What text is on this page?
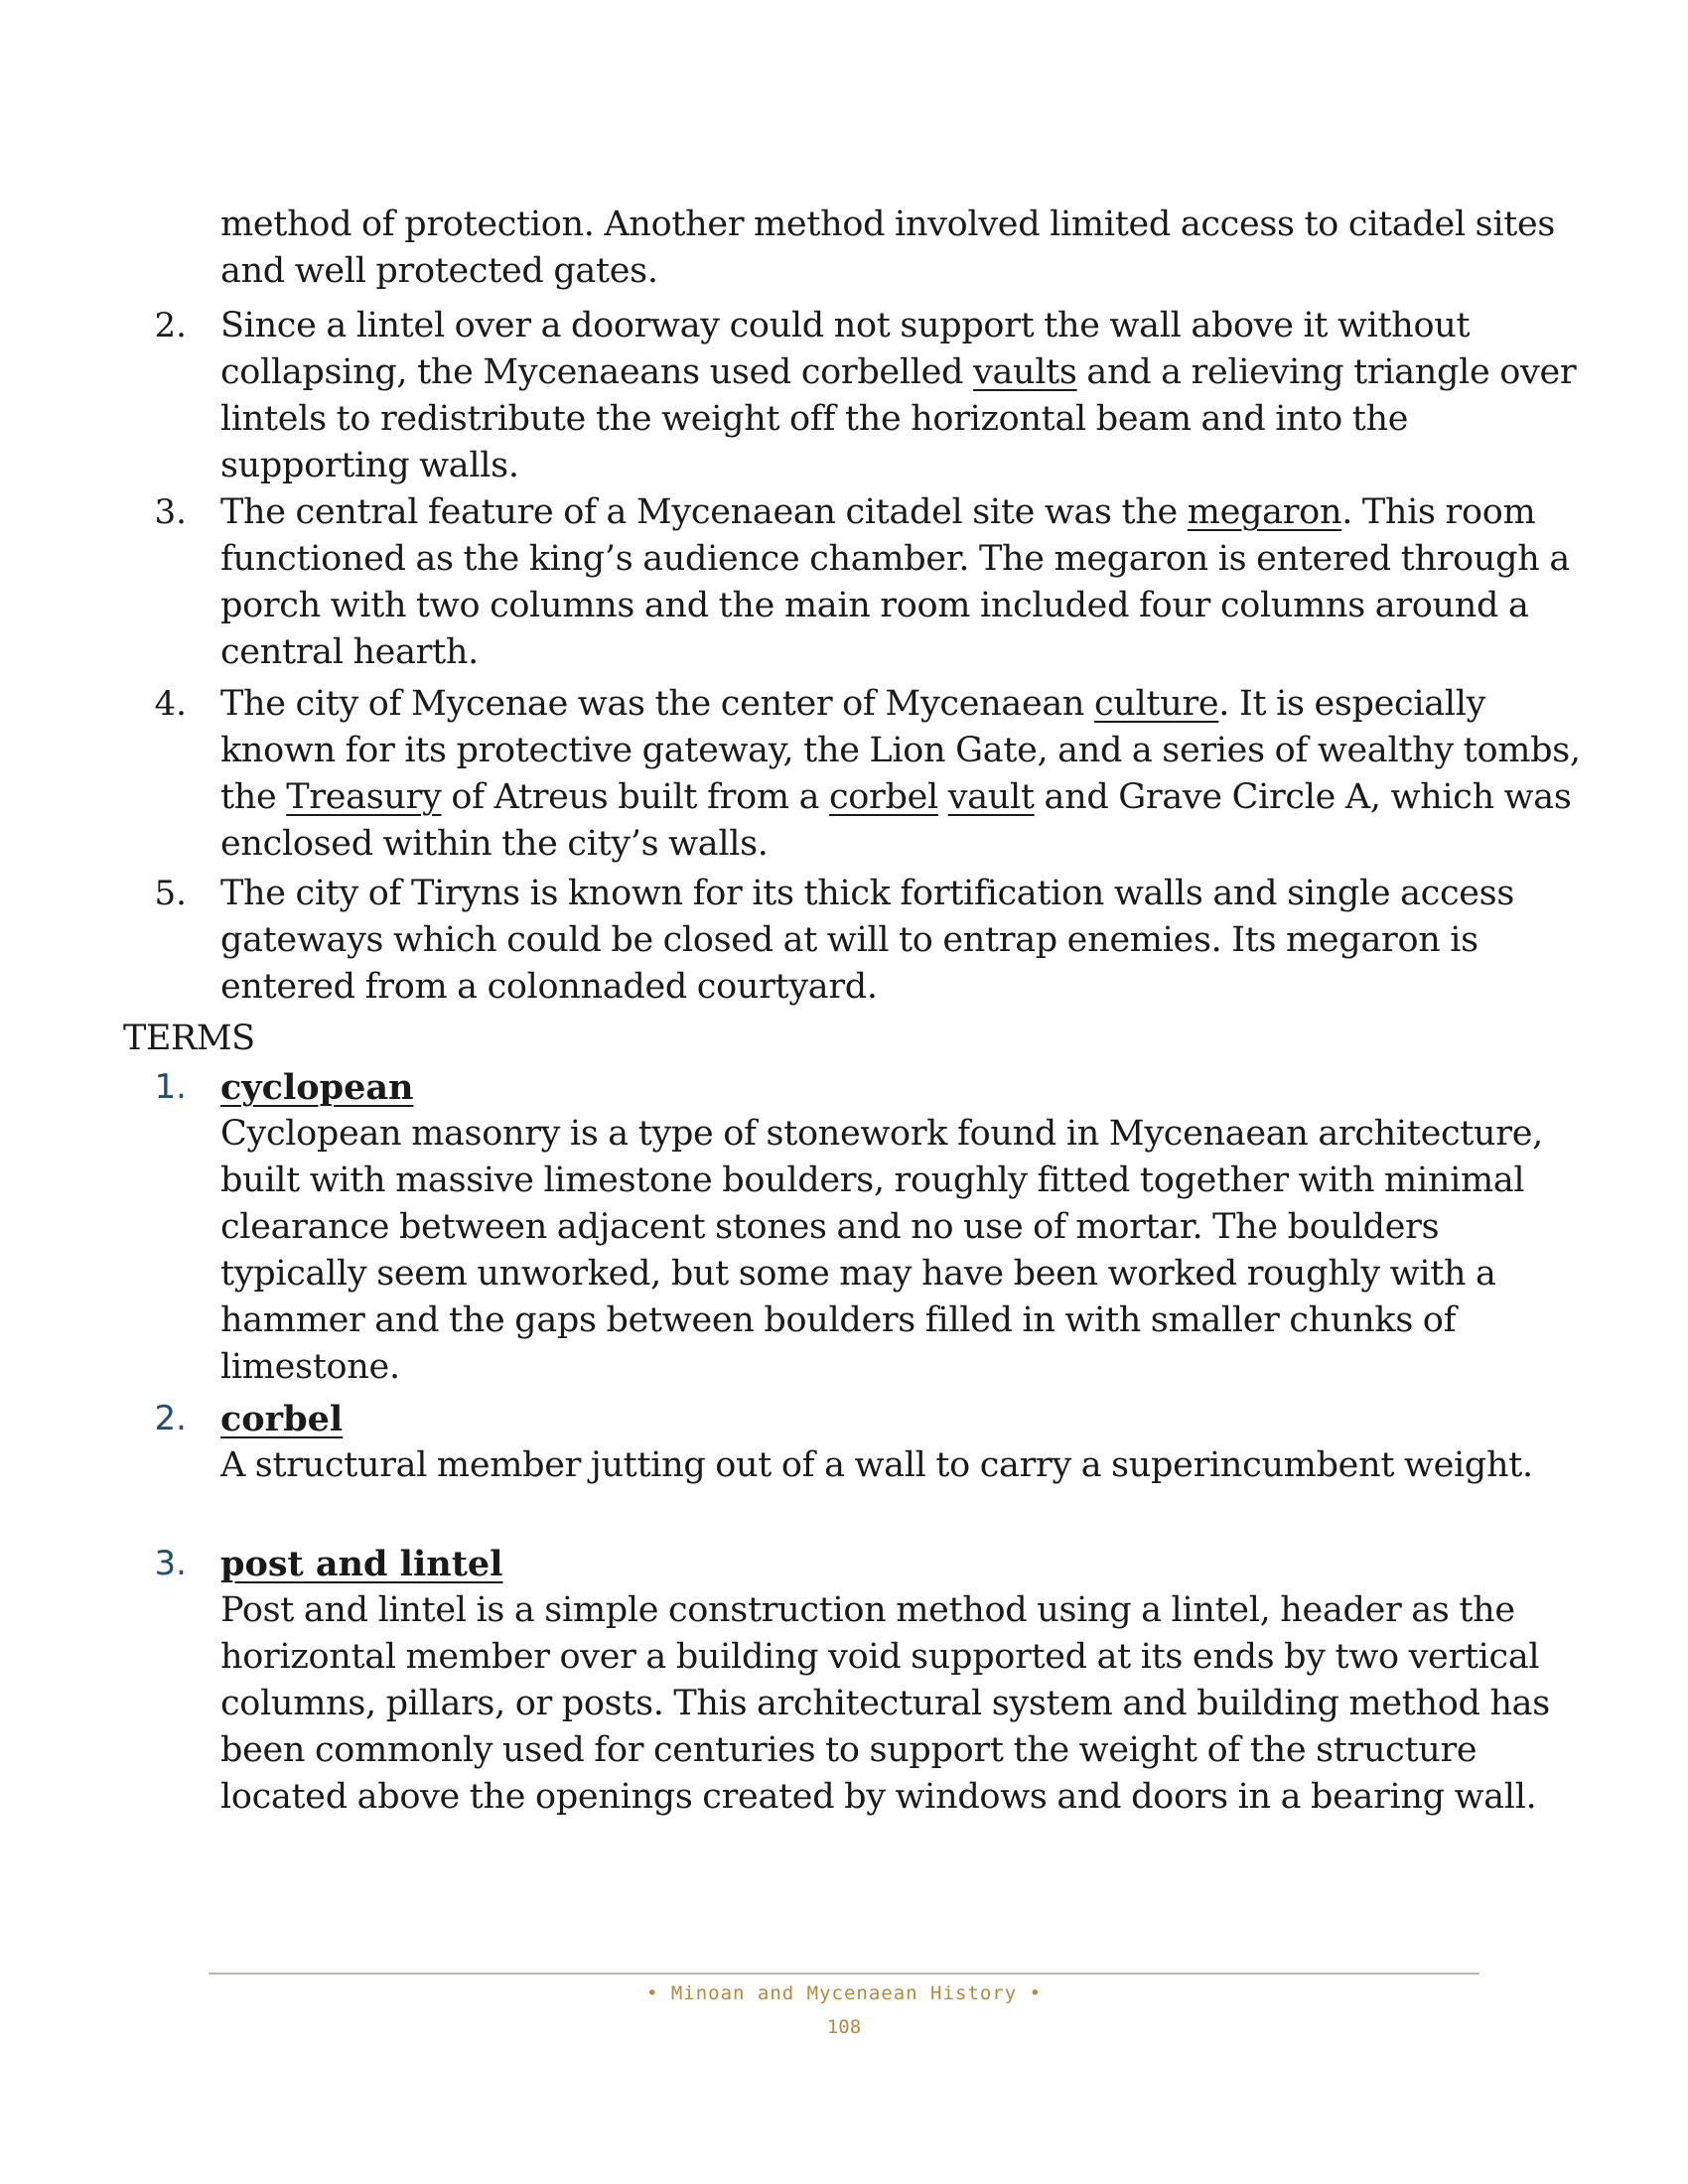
method of protection. Another method involved limited access to citadel sites and well protected gates.
2. Since a lintel over a doorway could not support the wall above it without collapsing, the Mycenaeans used corbelled vaults and a relieving triangle over lintels to redistribute the weight off the horizontal beam and into the supporting walls.
3. The central feature of a Mycenaean citadel site was the megaron. This room functioned as the king’s audience chamber. The megaron is entered through a porch with two columns and the main room included four columns around a central hearth.
4. The city of Mycenae was the center of Mycenaean culture. It is especially known for its protective gateway, the Lion Gate, and a series of wealthy tombs, the Treasury of Atreus built from a corbel vault and Grave Circle A, which was enclosed within the city’s walls.
5. The city of Tiryns is known for its thick fortification walls and single access gateways which could be closed at will to entrap enemies. Its megaron is entered from a colonnaded courtyard.
TERMS
1. cyclopean
Cyclopean masonry is a type of stonework found in Mycenaean architecture, built with massive limestone boulders, roughly fitted together with minimal clearance between adjacent stones and no use of mortar. The boulders typically seem unworked, but some may have been worked roughly with a hammer and the gaps between boulders filled in with smaller chunks of limestone.
2. corbel
A structural member jutting out of a wall to carry a superincumbent weight.
3. post and lintel
Post and lintel is a simple construction method using a lintel, header as the horizontal member over a building void supported at its ends by two vertical columns, pillars, or posts. This architectural system and building method has been commonly used for centuries to support the weight of the structure located above the openings created by windows and doors in a bearing wall.
• Minoan and Mycenaean History •
108
